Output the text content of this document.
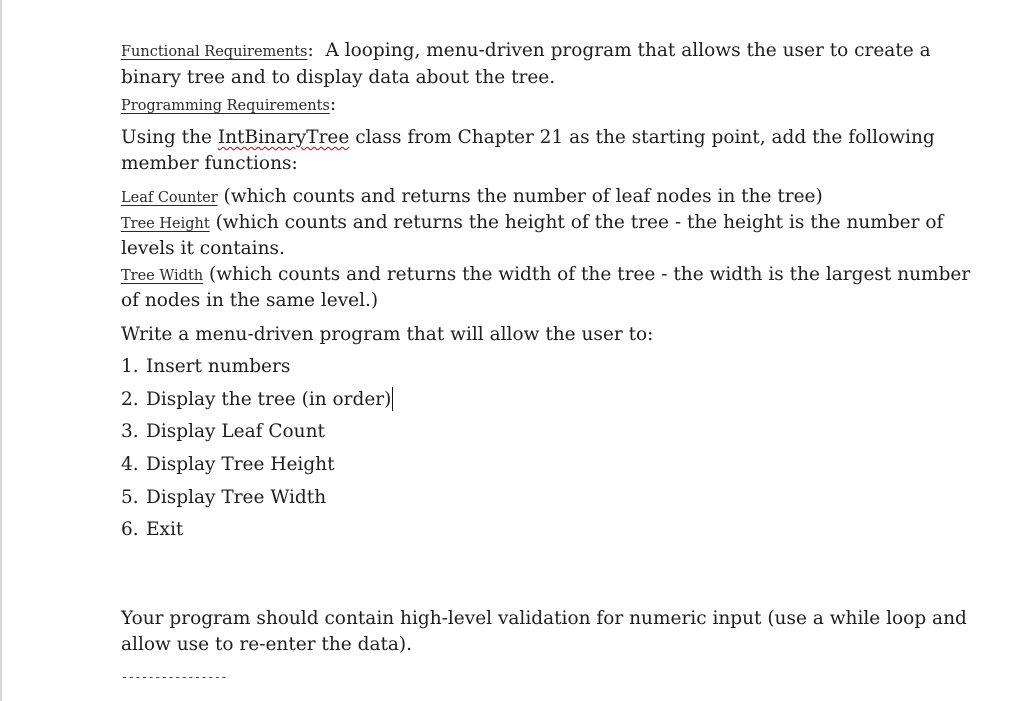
Functional Requirements:  A looping, menu-driven program that allows the user to create a
binary tree and to display data about the tree.
Programming Requirements:
Using the IntBinaryTree class from Chapter 21 as the starting point, add the following
member functions:
Leaf Counter (which counts and returns the number of leaf nodes in the tree)
Tree Height (which counts and returns the height of the tree - the height is the number of
levels it contains.
Tree Width (which counts and returns the width of the tree - the width is the largest number
of nodes in the same level.)
Write a menu-driven program that will allow the user to:
1. Insert numbers
2. Display the tree (in order)
3. Display Leaf Count
4. Display Tree Height
5. Display Tree Width
6. Exit
Your program should contain high-level validation for numeric input (use a while loop and
allow use to re-enter the data).
----------------
